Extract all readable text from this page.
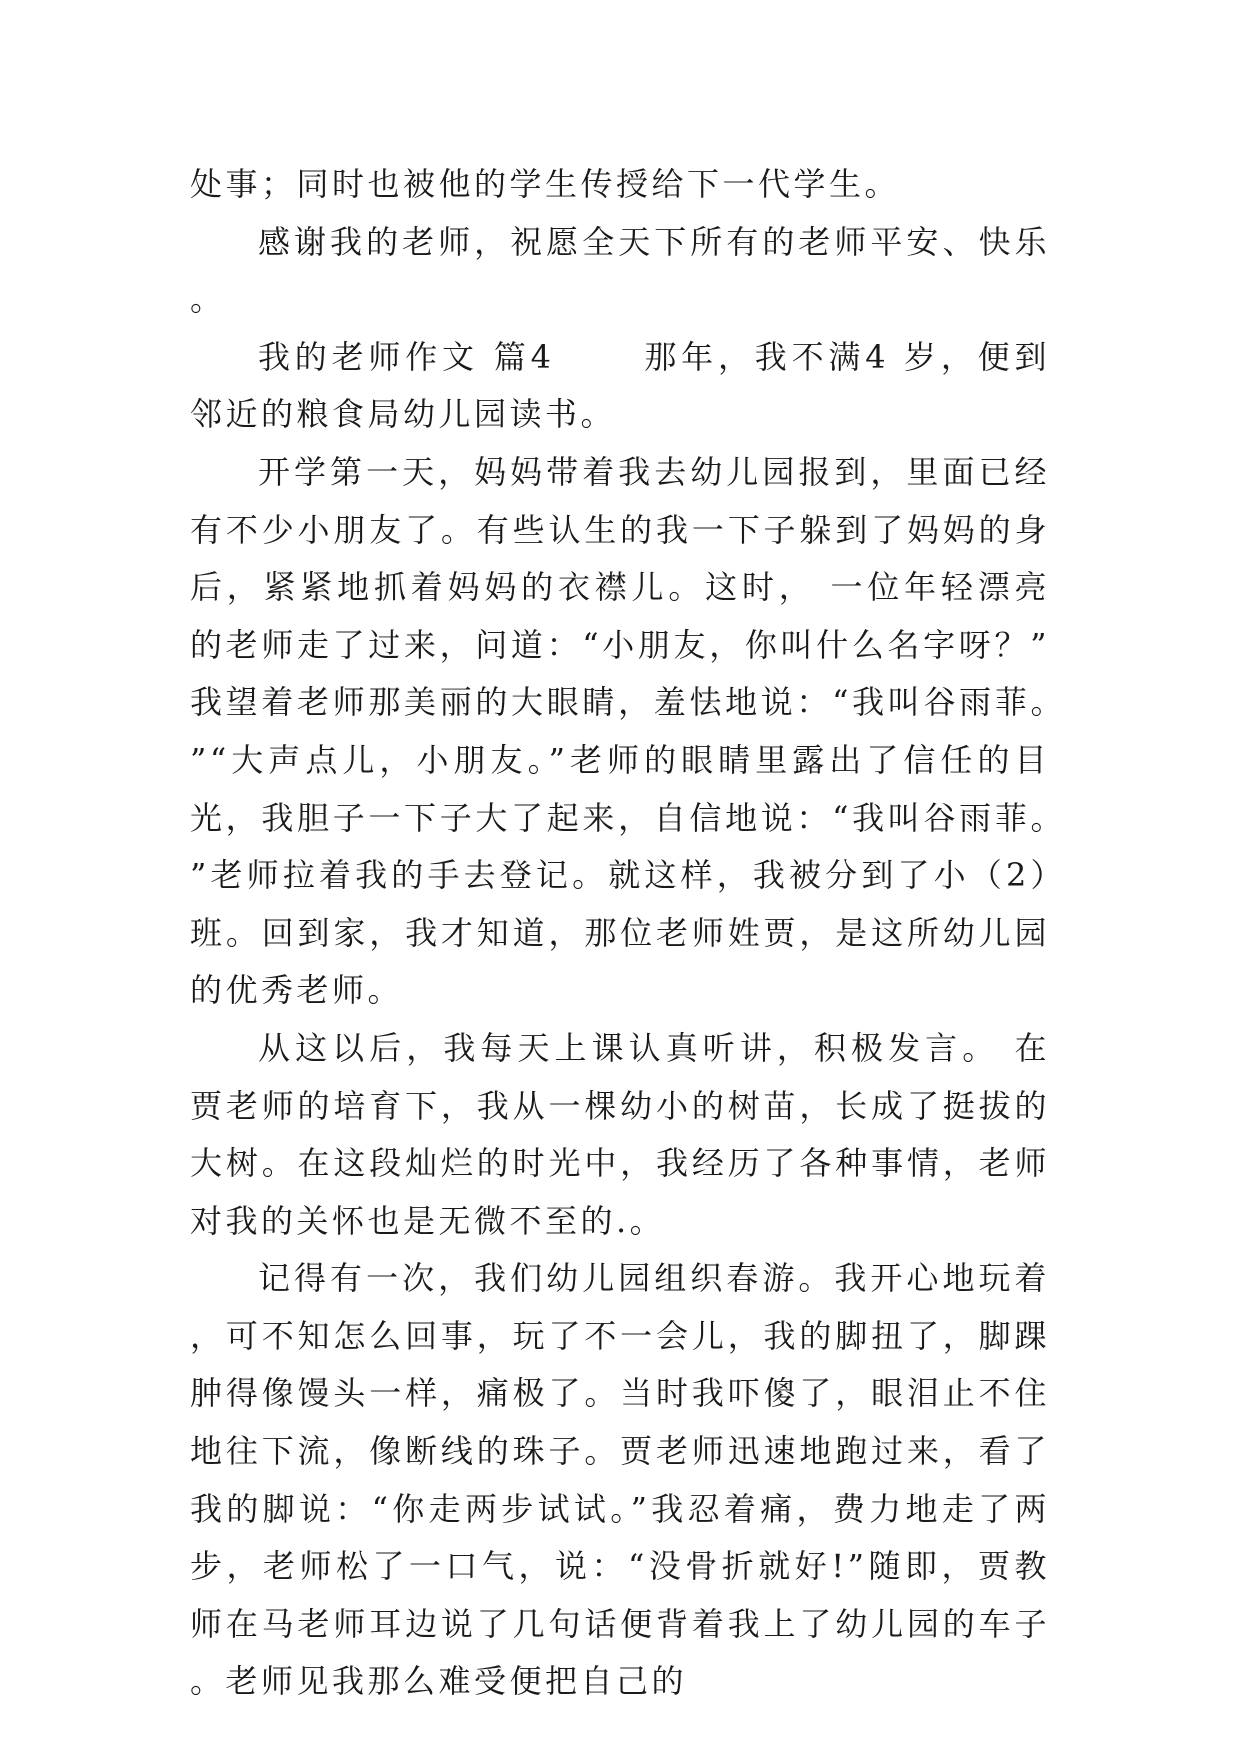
处事；同时也被他的学生传授给下一代学生。

感谢我的老师，祝愿全天下所有的老师平安、快乐。

我的老师作文 篇4	那年，我不满4 岁，便到邻近的粮食局幼儿园读书。

开学第一天，妈妈带着我去幼儿园报到，里面已经有不少小朋友了。有些认生的我一下子躲到了妈妈的身后，紧紧地抓着妈妈的衣襟儿。这时， 一位年轻漂亮的老师走了过来，问道：“小朋友，你叫什么名字呀？”我望着老师那美丽的大眼睛，羞怯地说：“我叫谷雨菲。”“大声点儿，小朋友。”老师的眼睛里露出了信任的目光，我胆子一下子大了起来，自信地说：“我叫谷雨菲。”老师拉着我的手去登记。就这样，我被分到了小（2）班。回到家，我才知道，那位老师姓贾，是这所幼儿园的优秀老师。

从这以后，我每天上课认真听讲，积极发言。 在贾老师的培育下，我从一棵幼小的树苗，长成了挺拔的大树。在这段灿烂的时光中，我经历了各种事情，老师对我的关怀也是无微不至的.。

记得有一次，我们幼儿园组织春游。我开心地玩着，可不知怎么回事，玩了不一会儿，我的脚扭了，脚踝肿得像馒头一样，痛极了。当时我吓傻了，眼泪止不住地往下流，像断线的珠子。贾老师迅速地跑过来，看了我的脚说：“你走两步试试。”我忍着痛，费力地走了两步，老师松了一口气，说：“没骨折就好!”随即，贾教师在马老师耳边说了几句话便背着我上了幼儿园的车子。老师见我那么难受便把自己的
